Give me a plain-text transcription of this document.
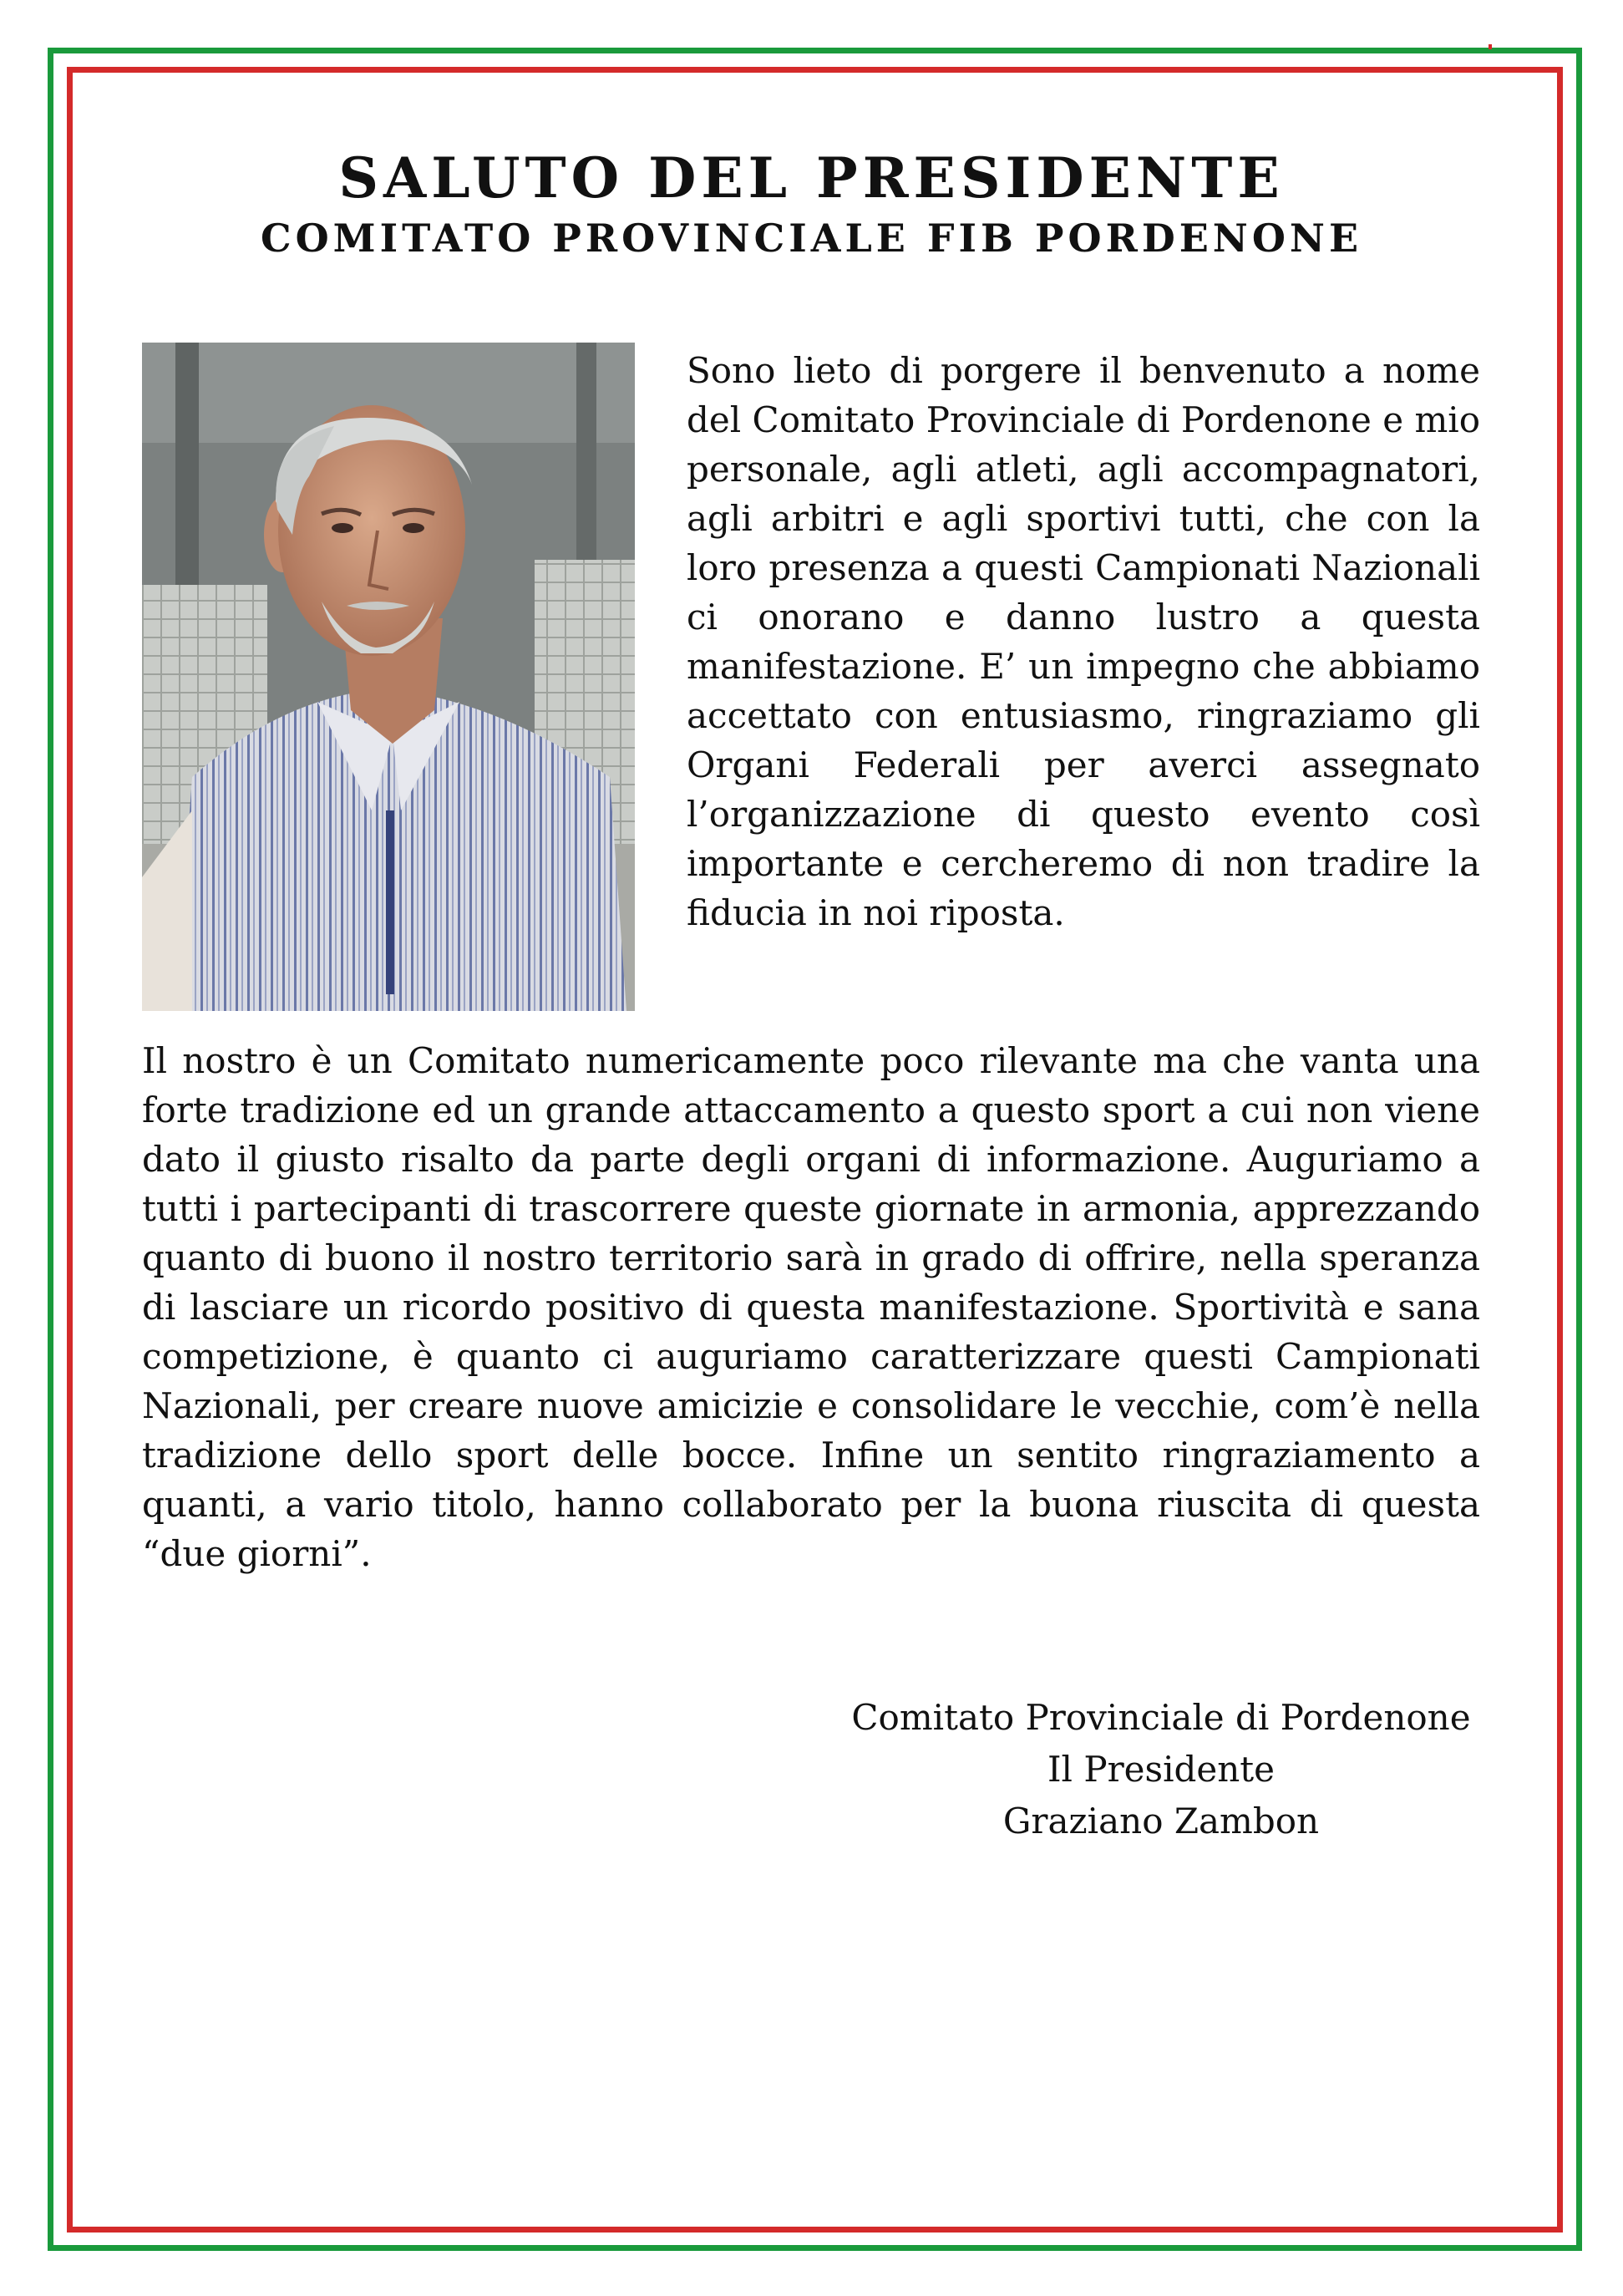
SALUTO DEL PRESIDENTE
COMITATO PROVINCIALE FIB PORDENONE

Sono lieto di porgere il benvenuto a nome del Comitato Provinciale di Pordenone e mio personale, agli atleti, agli accompagnatori, agli arbitri e agli sportivi tutti, che con la loro presenza a questi Campionati Nazionali ci onorano e danno lustro a questa manifestazione. E’ un impegno che abbiamo accettato con entusiasmo, ringraziamo gli Organi Federali per averci assegnato l’organizzazione di questo evento così importante e cercheremo di non tradire la fiducia in noi riposta.

Il nostro è un Comitato numericamente poco rilevante ma che vanta una forte tradizione ed un grande attaccamento a questo sport a cui non viene dato il giusto risalto da parte degli organi di informazione. Auguriamo a tutti i partecipanti di trascorrere queste giornate in armonia, apprezzando quanto di buono il nostro territorio sarà in grado di offrire, nella speranza di lasciare un ricordo positivo di questa manifestazione. Sportività e sana competizione, è quanto ci auguriamo caratterizzare questi Campionati Nazionali, per creare nuove amicizie e consolidare le vecchie, com’è nella tradizione dello sport delle bocce. Infine un sentito ringraziamento a quanti, a vario titolo, hanno collaborato per la buona riuscita di questa “due giorni”.

Comitato Provinciale di Pordenone
Il Presidente
Graziano Zambon
